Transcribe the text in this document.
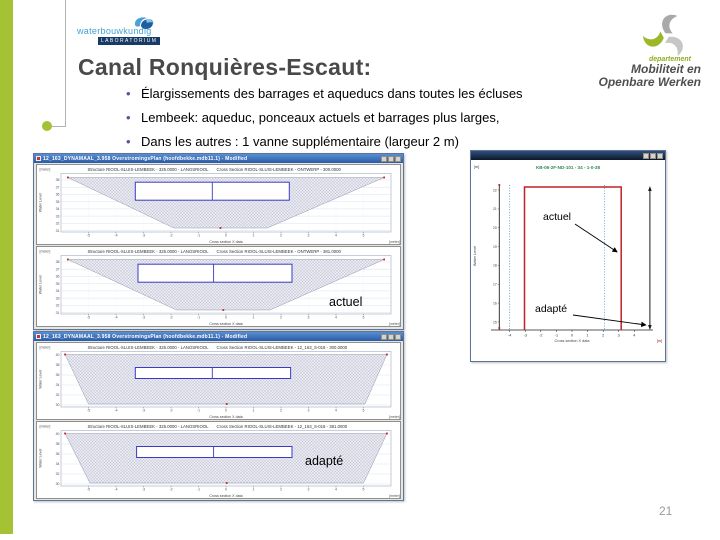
waterbouwkundig
LABORATORIUM
departement
Mobiliteit en
Openbare Werken
Canal Ronquières-Escaut:
• Élargissements des barrages et aqueducs dans toutes les écluses
• Lembeek: aqueduc, ponceaux actuels et barrages plus larges,
• Dans les autres : 1 vanne supplémentaire (largeur 2 m)
12_163_DYNAMAAL_3.958 OverstromingsPlan (hoofdbekke.mdb11.1) - Modified
Structure RIOOL-SLUIS-LEMBEEK - 325.0000 - LANGSRIOOL Cross Section RIOOL-SLUIS-LEMBEEK - ONTWERP - 300.0000
[meter]
38
37
36
35
34
33
32
31
-5	-4	-3	-2	-1	0	1	2	3	4	5
Water Level
Cross section X data	[meter]
Structure RIOOL-SLUIS-LEMBEEK - 325.0000 - LANGSRIOOL Cross Section RIOOL-SLUIS-LEMBEEK - ONTWERP - 381.0000
[meter]
38
37
36
35
34
33
32
31
-5	-4	-3	-2	-1	0	1	2	3	4	5
Water Level
Cross section X data	[meter]
12_163_DYNAMAAL_3.958 OverstromingsPlan (hoofdbekke.mdb11.1) - Modified
Structure RIOOL-SLUIS-LEMBEEK - 325.0000 - LANGSRIOOL Cross Section RIOOL-SLUIS-LEMBEEK - 12_163_S-018 - 300.0000
[meter]
40
38
36
34
32
30
-5	-4	-3	-2	-1	0	1	2	3	4	5
Water Level
Cross section X data	[meter]
Structure RIOOL-SLUIS-LEMBEEK - 325.0000 - LANGSRIOOL Cross Section RIOOL-SLUIS-LEMBEEK - 12_163_S-018 - 381.0000
[meter]
40
38
36
34
32
30
-5	-4	-3	-2	-1	0	1	2	3	4	5
Water Level
Cross section X data	[meter]
KB-06-2F-ND-101 - 34 - 1-0-38
[m]
-4	-3	-2	-1	0	1	2	3	4
22
21
20
19
18
17
16
15
actuel
adapté
Water Level
Cross section X data	[m]
actuel
adapté
21
